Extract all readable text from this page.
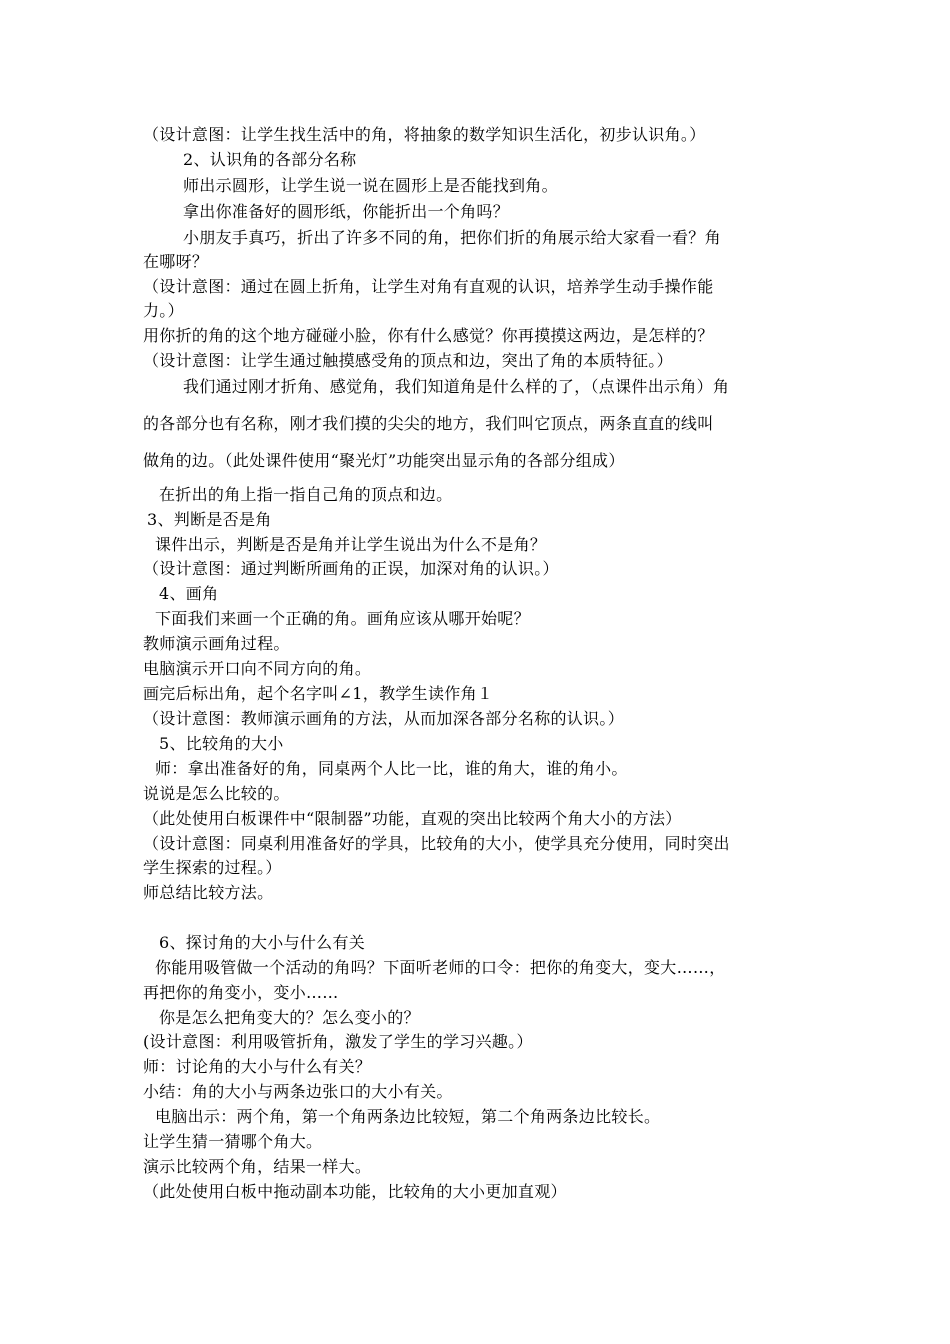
（设计意图：让学生找生活中的角，将抽象的数学知识生活化，初步认识角。）
2、认识角的各部分名称
师出示圆形，让学生说一说在圆形上是否能找到角。
拿出你准备好的圆形纸，你能折出一个角吗？
小朋友手真巧，折出了许多不同的角，把你们折的角展示给大家看一看？角
在哪呀？
（设计意图：通过在圆上折角，让学生对角有直观的认识，培养学生动手操作能
力。）
用你折的角的这个地方碰碰小脸，你有什么感觉？你再摸摸这两边，是怎样的？
（设计意图：让学生通过触摸感受角的顶点和边，突出了角的本质特征。）
我们通过刚才折角、感觉角，我们知道角是什么样的了，（点课件出示角）角
的各部分也有名称，刚才我们摸的尖尖的地方，我们叫它顶点，两条直直的线叫
做角的边。（此处课件使用“聚光灯”功能突出显示角的各部分组成）
在折出的角上指一指自己角的顶点和边。
3、判断是否是角
课件出示，判断是否是角并让学生说出为什么不是角？
（设计意图：通过判断所画角的正误，加深对角的认识。）
4、画角
下面我们来画一个正确的角。画角应该从哪开始呢？
教师演示画角过程。
电脑演示开口向不同方向的角。
画完后标出角，起个名字叫∠1，教学生读作角１
（设计意图：教师演示画角的方法，从而加深各部分名称的认识。）
5、比较角的大小
师：拿出准备好的角，同桌两个人比一比，谁的角大，谁的角小。
说说是怎么比较的。
（此处使用白板课件中“限制器”功能，直观的突出比较两个角大小的方法）
（设计意图：同桌利用准备好的学具，比较角的大小，使学具充分使用，同时突出
学生探索的过程。）
师总结比较方法。
6、探讨角的大小与什么有关
你能用吸管做一个活动的角吗？下面听老师的口令：把你的角变大，变大……，
再把你的角变小，变小……
你是怎么把角变大的？怎么变小的？
(设计意图：利用吸管折角，激发了学生的学习兴趣。）
师：讨论角的大小与什么有关？
小结：角的大小与两条边张口的大小有关。
电脑出示：两个角，第一个角两条边比较短，第二个角两条边比较长。
让学生猜一猜哪个角大。
演示比较两个角，结果一样大。
（此处使用白板中拖动副本功能，比较角的大小更加直观）
